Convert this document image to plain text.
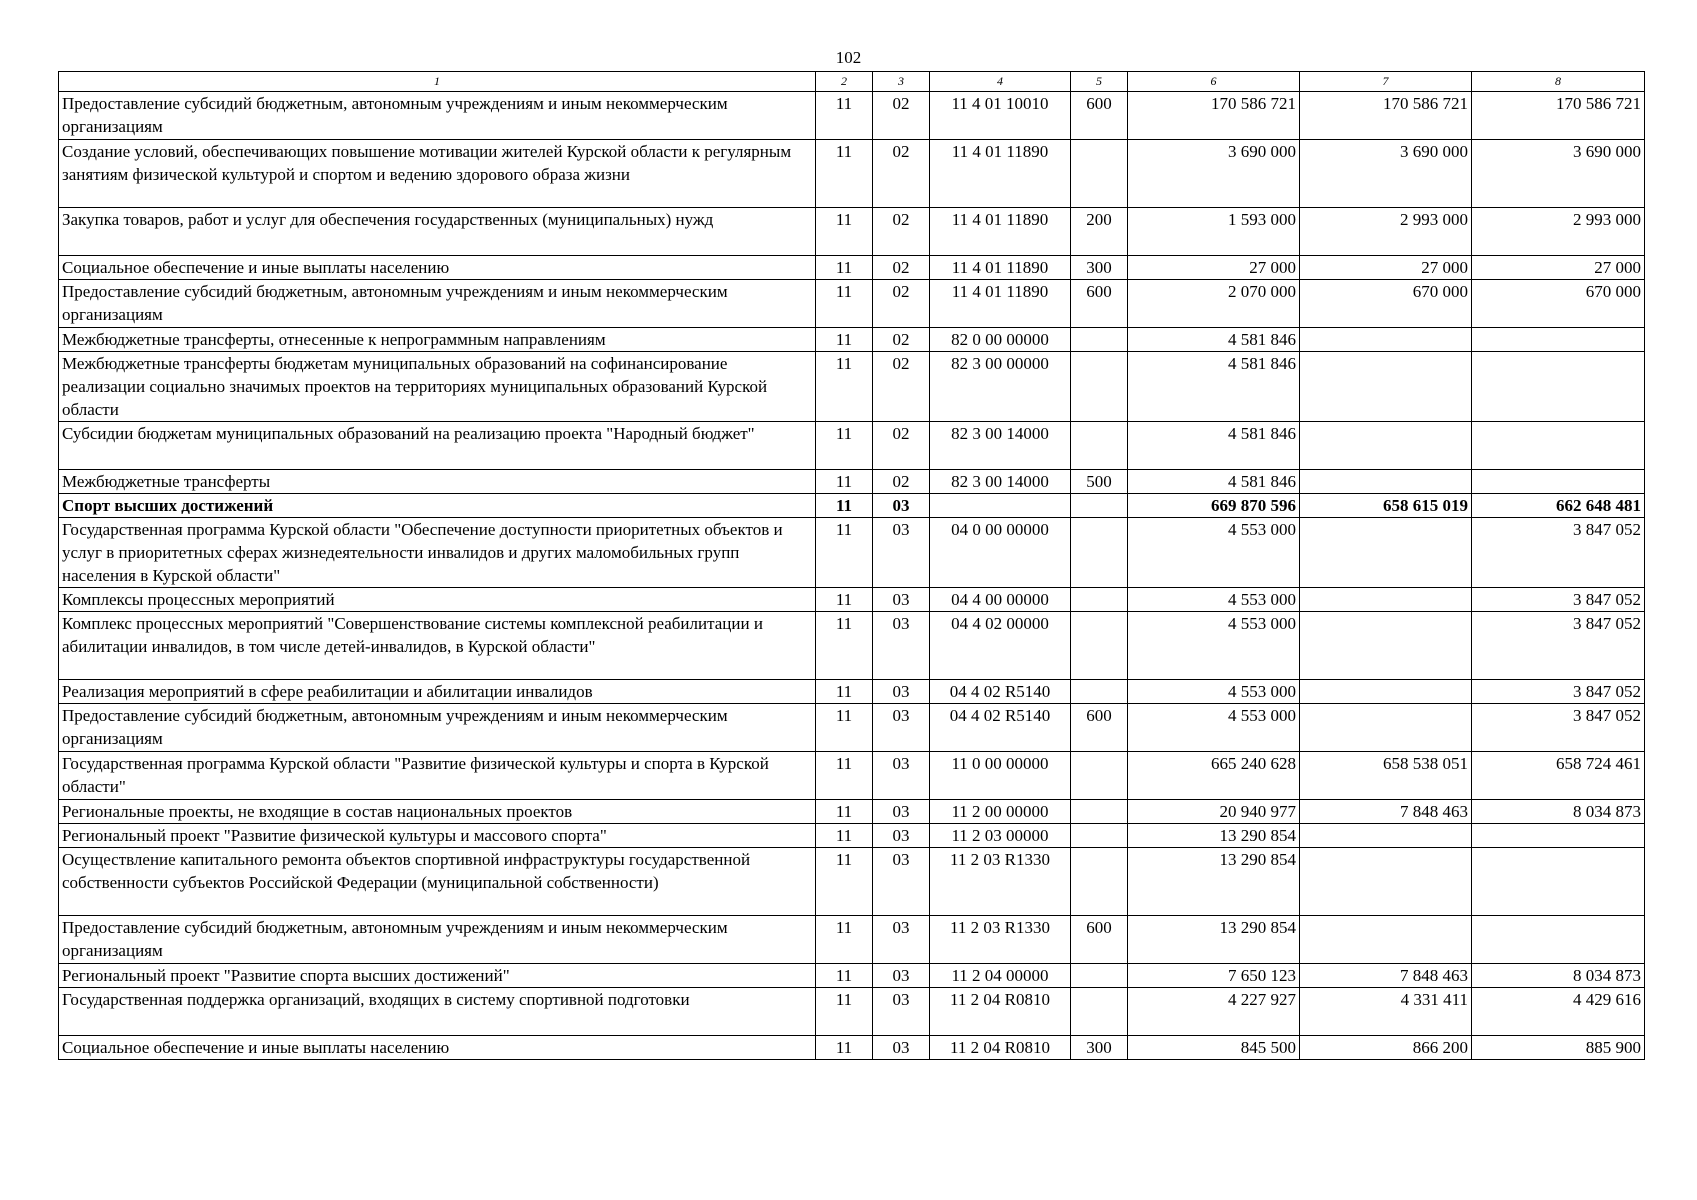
102
1	2	3	4	5	6	7	8
Предоставление субсидий бюджетным, автономным учреждениям и иным некоммерческим организациям	11	02	11 4 01 10010	600	170 586 721	170 586 721	170 586 721
Создание условий, обеспечивающих повышение мотивации жителей Курской области к регулярным занятиям физической культурой и спортом и ведению здорового образа жизни	11	02	11 4 01 11890		3 690 000	3 690 000	3 690 000
Закупка товаров, работ и услуг для обеспечения государственных (муниципальных) нужд	11	02	11 4 01 11890	200	1 593 000	2 993 000	2 993 000
Социальное обеспечение и иные выплаты населению	11	02	11 4 01 11890	300	27 000	27 000	27 000
Предоставление субсидий бюджетным, автономным учреждениям и иным некоммерческим организациям	11	02	11 4 01 11890	600	2 070 000	670 000	670 000
Межбюджетные трансферты, отнесенные к непрограммным направлениям	11	02	82 0 00 00000		4 581 846		
Межбюджетные трансферты бюджетам муниципальных образований на софинансирование реализации социально значимых проектов на территориях муниципальных образований Курской области	11	02	82 3 00 00000		4 581 846		
Субсидии бюджетам муниципальных образований на реализацию проекта "Народный бюджет"	11	02	82 3 00 14000		4 581 846		
Межбюджетные трансферты	11	02	82 3 00 14000	500	4 581 846		
Спорт высших достижений	11	03			669 870 596	658 615 019	662 648 481
Государственная программа Курской области "Обеспечение доступности приоритетных объектов и услуг в приоритетных сферах жизнедеятельности инвалидов и других маломобильных групп населения в Курской области"	11	03	04 0 00 00000		4 553 000		3 847 052
Комплексы процессных мероприятий	11	03	04 4 00 00000		4 553 000		3 847 052
Комплекс процессных мероприятий "Совершенствование системы комплексной реабилитации и абилитации инвалидов, в том числе детей-инвалидов, в Курской области"	11	03	04 4 02 00000		4 553 000		3 847 052
Реализация мероприятий в сфере реабилитации и абилитации инвалидов	11	03	04 4 02 R5140		4 553 000		3 847 052
Предоставление субсидий бюджетным, автономным учреждениям и иным некоммерческим организациям	11	03	04 4 02 R5140	600	4 553 000		3 847 052
Государственная программа Курской области "Развитие физической культуры и спорта в Курской области"	11	03	11 0 00 00000		665 240 628	658 538 051	658 724 461
Региональные проекты, не входящие в состав национальных проектов	11	03	11 2 00 00000		20 940 977	7 848 463	8 034 873
Региональный проект "Развитие физической культуры и массового спорта"	11	03	11 2 03 00000		13 290 854		
Осуществление капитального ремонта объектов спортивной инфраструктуры государственной собственности субъектов Российской Федерации (муниципальной собственности)	11	03	11 2 03 R1330		13 290 854		
Предоставление субсидий бюджетным, автономным учреждениям и иным некоммерческим организациям	11	03	11 2 03 R1330	600	13 290 854		
Региональный проект "Развитие спорта высших достижений"	11	03	11 2 04 00000		7 650 123	7 848 463	8 034 873
Государственная поддержка организаций, входящих в систему спортивной подготовки	11	03	11 2 04 R0810		4 227 927	4 331 411	4 429 616
Социальное обеспечение и иные выплаты населению	11	03	11 2 04 R0810	300	845 500	866 200	885 900
